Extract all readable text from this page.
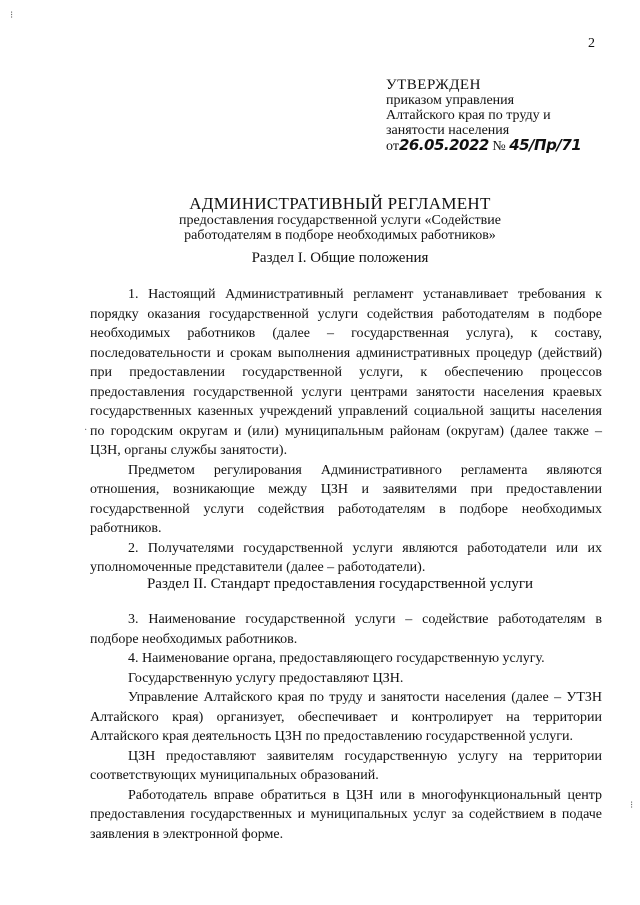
⁝
·
⁝
2
УТВЕРЖДЕН
приказом управления
Алтайского края по труду и
занятости населения
от26.05.2022 № 45/Пр/71
АДМИНИСТРАТИВНЫЙ РЕГЛАМЕНТ
предоставления государственной услуги «Содействие
работодателям в подборе необходимых работников»
Раздел I. Общие положения

1. Настоящий Административный регламент устанавливает требования к порядку оказания государственной услуги содействия работодателям в подборе необходимых работников (далее – государственная услуга), к составу, последовательности и срокам выполнения административных процедур (действий) при предоставлении государственной услуги, к обеспечению процессов предоставления государственной услуги центрами занятости населения краевых государственных казенных учреждений управлений социальной защиты населения по городским округам и (или) муниципальным районам (округам) (далее также – ЦЗН, органы службы занятости).

Предметом регулирования Административного регламента являются отношения, возникающие между ЦЗН и заявителями при предоставлении государственной услуги содействия работодателям в подборе необходимых работников.

2. Получателями государственной услуги являются работодатели или их уполномоченные представители (далее – работодатели).

Раздел II. Стандарт предоставления государственной услуги

3. Наименование государственной услуги – содействие работодателям в подборе необходимых работников.

4. Наименование органа, предоставляющего государственную услугу.

Государственную услугу предоставляют ЦЗН.

Управление Алтайского края по труду и занятости населения (далее – УТЗН Алтайского края) организует, обеспечивает и контролирует на территории Алтайского края деятельность ЦЗН по предоставлению государственной услуги.

ЦЗН предоставляют заявителям государственную услугу на территории соответствующих муниципальных образований.

Работодатель вправе обратиться в ЦЗН или в многофункциональный центр предоставления государственных и муниципальных услуг за содействием в подаче заявления в электронной форме.
